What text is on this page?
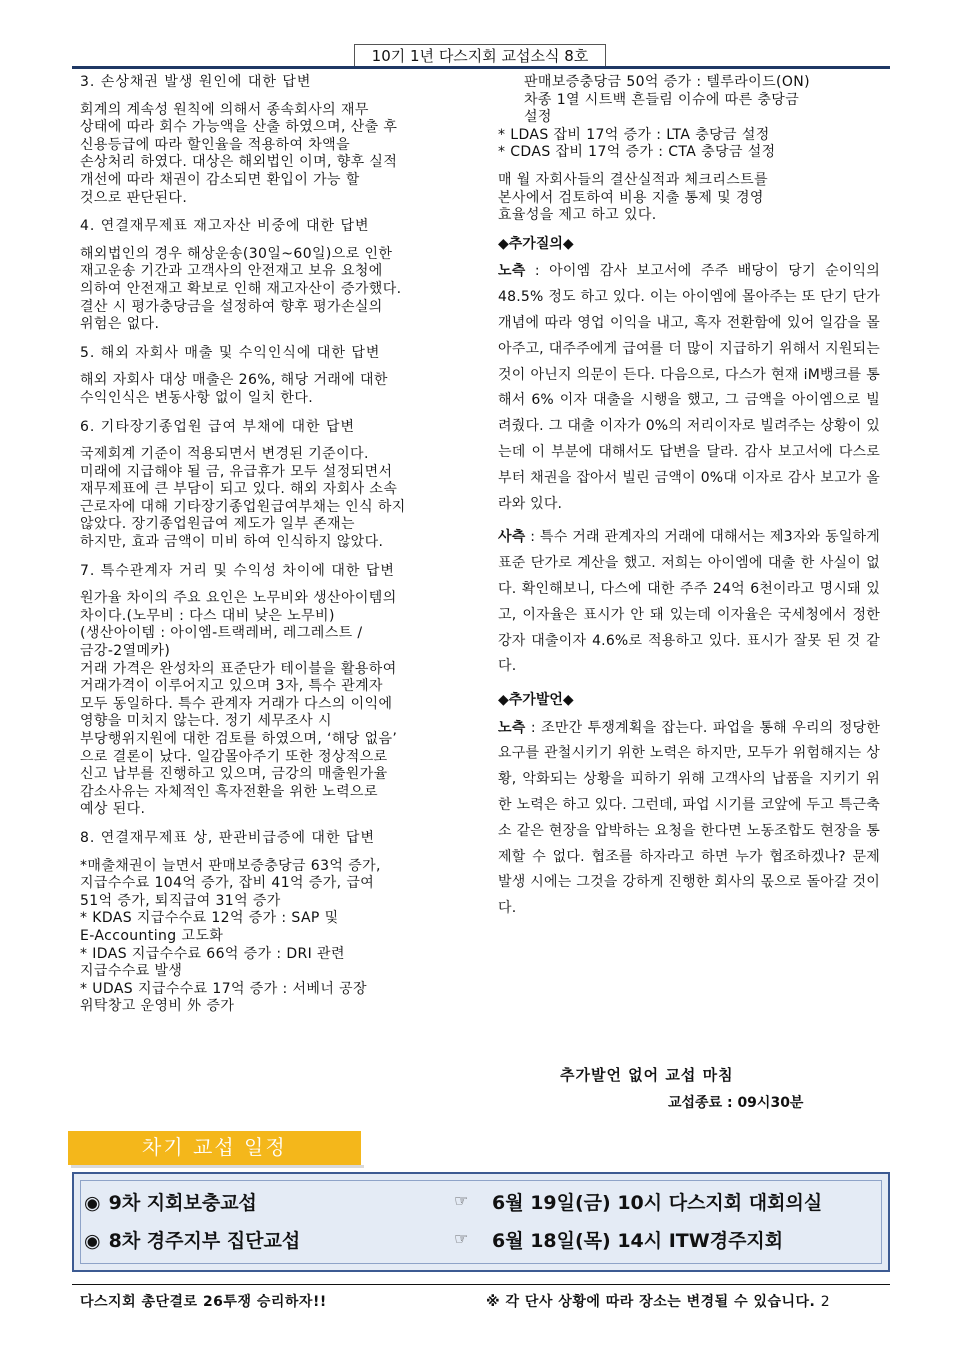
10기 1년 다스지회 교섭소식 8호
3. 손상채권 발생 원인에 대한 답변
회계의 계속성 원칙에 의해서 종속회사의 재무
상태에 따라 회수 가능액을 산출 하였으며, 산출 후
신용등급에 따라 할인율을 적용하여 차액을
손상처리 하였다. 대상은 해외법인 이며, 향후 실적
개선에 따라 채권이 감소되면 환입이 가능 할
것으로 판단된다.
4. 연결재무제표 재고자산 비중에 대한 답변
해외법인의 경우 해상운송(30일~60일)으로 인한
재고운송 기간과 고객사의 안전재고 보유 요청에
의하여 안전재고 확보로 인해 재고자산이 증가했다.
결산 시 평가충당금을 설정하여 향후 평가손실의
위험은 없다.
5. 해외 자회사 매출 및 수익인식에 대한 답변
해외 자회사 대상 매출은 26%, 해당 거래에 대한
수익인식은 변동사항 없이 일치 한다.
6. 기타장기종업원 급여 부채에 대한 답변
국제회계 기준이 적용되면서 변경된 기준이다.
미래에 지급해야 될 금, 유급휴가 모두 설정되면서
재무제표에 큰 부담이 되고 있다. 해외 자회사 소속
근로자에 대해 기타장기종업원급여부채는 인식 하지
않았다. 장기종업원급여 제도가 일부 존재는
하지만, 효과 금액이 미비 하여 인식하지 않았다.
7. 특수관계자 거리 및 수익성 차이에 대한 답변
원가율 차이의 주요 요인은 노무비와 생산아이템의
차이다.(노무비 : 다스 대비 낮은 노무비)
(생산아이템 : 아이엠-트랙레버, 레그레스트 /
금강-2열메카)
거래 가격은 완성차의 표준단가 테이블을 활용하여
거래가격이 이루어지고 있으며 3자, 특수 관계자
모두 동일하다. 특수 관계자 거래가 다스의 이익에
영향을 미치지 않는다. 정기 세무조사 시
부당행위지원에 대한 검토를 하였으며, ‘해당 없음’
으로 결론이 났다. 일감몰아주기 또한 정상적으로
신고 납부를 진행하고 있으며, 금강의 매출원가율
감소사유는 자체적인 흑자전환을 위한 노력으로
예상 된다.
8. 연결재무제표 상, 판관비급증에 대한 답변
*매출채권이 늘면서 판매보증충당금 63억 증가,
지급수수료 104억 증가, 잡비 41억 증가, 급여
51억 증가, 퇴직급여 31억 증가
* KDAS 지급수수료 12억 증가 : SAP 및
E-Accounting 고도화
* IDAS 지급수수료 66억 증가 : DRI 관련
지급수수료 발생
* UDAS 지급수수료 17억 증가 : 서베너 공장
위탁창고 운영비 外 증가
판매보증충당금 50억 증가 : 텔루라이드(ON)
차종 1열 시트백 흔들림 이슈에 따른 충당금
설정
* LDAS 잡비 17억 증가 : LTA 충당금 설정
* CDAS 잡비 17억 증가 : CTA 충당금 설정
매 월 자회사들의 결산실적과 체크리스트를
본사에서 검토하여 비용 지출 통제 및 경영
효율성을 제고 하고 있다.
◆추가질의◆

노측 : 아이엠 감사 보고서에 주주 배당이 당기 순이익의 48.5% 정도 하고 있다. 이는 아이엠에 몰아주는 또 단기 단가 개념에 따라 영업 이익을 내고, 흑자 전환함에 있어 일감을 몰아주고, 대주주에게 급여를 더 많이 지급하기 위해서 지원되는 것이 아닌지 의문이 든다. 다음으로, 다스가 현재 iM뱅크를 통해서 6% 이자 대출을 시행을 했고, 그 금액을 아이엠으로 빌려줬다. 그 대출 이자가 0%의 저리이자로 빌려주는 상황이 있는데 이 부분에 대해서도 답변을 달라. 감사 보고서에 다스로부터 채권을 잡아서 빌린 금액이 0%대 이자로 감사 보고가 올라와 있다.

사측 : 특수 거래 관계자의 거래에 대해서는 제3자와 동일하게 표준 단가로 계산을 했고. 저희는 아이엠에 대출 한 사실이 없다. 확인해보니, 다스에 대한 주주 24억 6천이라고 명시돼 있고, 이자율은 표시가 안 돼 있는데 이자율은 국세청에서 정한 강자 대출이자 4.6%로 적용하고 있다. 표시가 잘못 된 것 같다.

◆추가발언◆

노측 : 조만간 투쟁계획을 잡는다. 파업을 통해 우리의 정당한 요구를 관철시키기 위한 노력은 하지만, 모두가 위험해지는 상황, 악화되는 상황을 피하기 위해 고객사의 납품을 지키기 위한 노력은 하고 있다. 그런데, 파업 시기를 코앞에 두고 특근축소 같은 현장을 압박하는 요청을 한다면 노동조합도 현장을 통제할 수 없다. 협조를 하자라고 하면 누가 협조하겠나? 문제 발생 시에는 그것을 강하게 진행한 회사의 몫으로 돌아갈 것이다.

추가발언 없어 교섭 마침
교섭종료 : 09시30분
차기 교섭 일정
◉ 9차 지회보충교섭	☞ 6월 19일(금) 10시 다스지회 대회의실
◉ 8차 경주지부 집단교섭	☞ 6월 18일(목) 14시 ITW경주지회
다스지회 총단결로 26투쟁 승리하자!!	※ 각 단사 상황에 따라 장소는 변경될 수 있습니다. 2
